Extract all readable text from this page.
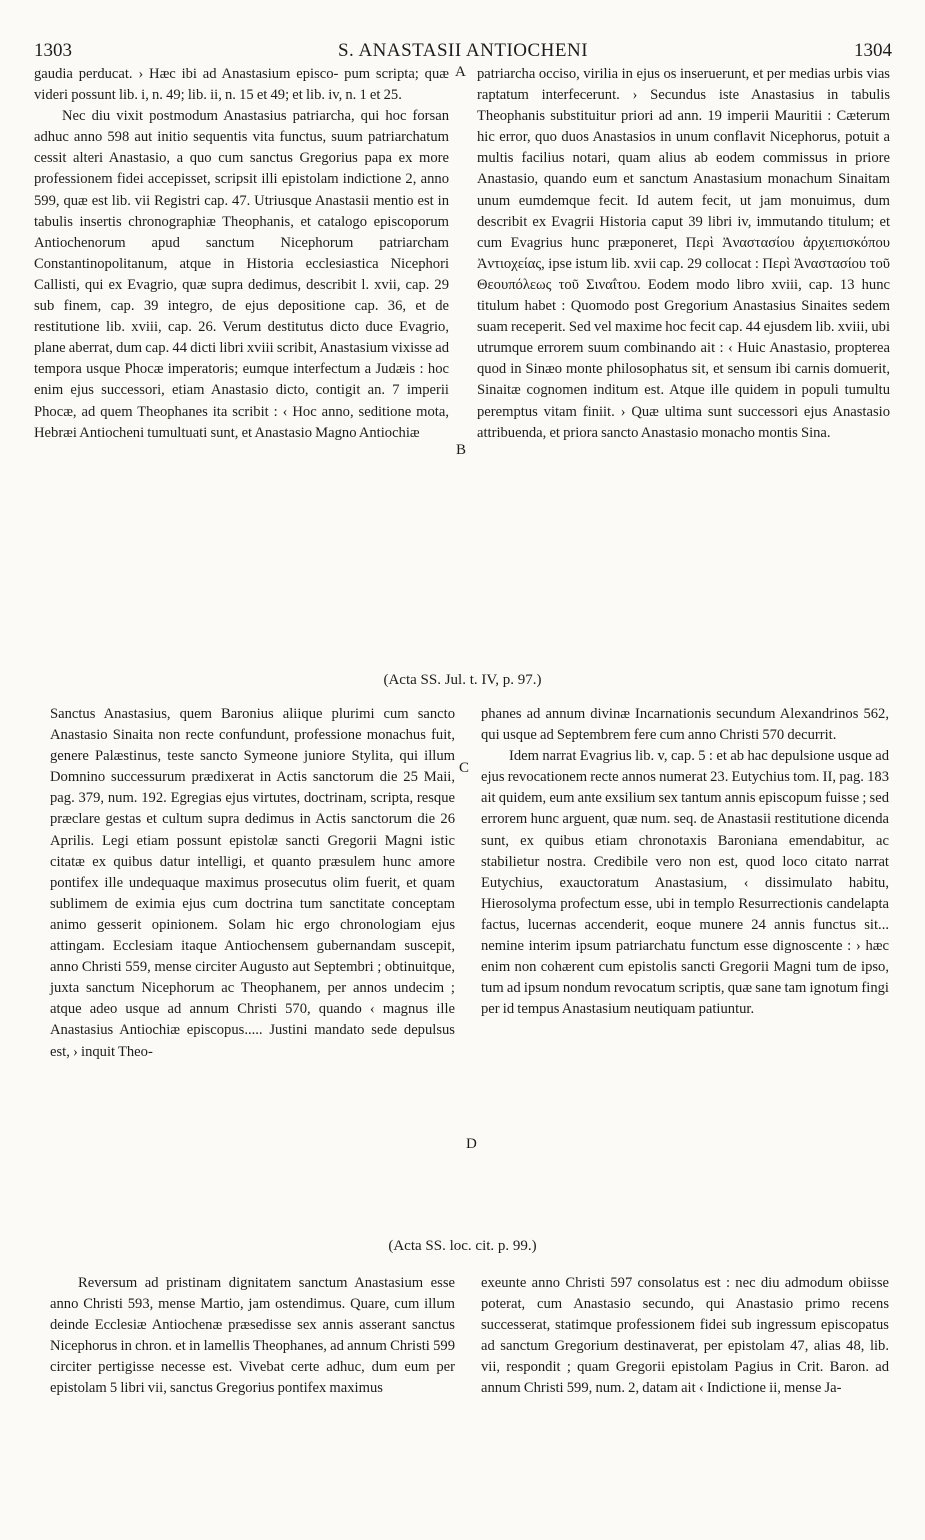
1303	S. ANASTASII ANTIOCHENI	1304

gaudia perducat. › Hæc ibi ad Anastasium episco- pum scripta; quæ videri possunt lib. i, n. 49; lib. ii, n. 15 et 49; et lib. iv, n. 1 et 25.

Nec diu vixit postmodum Anastasius patriarcha, qui hoc forsan adhuc anno 598 aut initio sequentis vita functus, suum patriarchatum cessit alteri Anastasio, a quo cum sanctus Gregorius papa ex more professionem fidei accepisset, scripsit illi epistolam indictione 2, anno 599, quæ est lib. vii Registri cap. 47. Utriusque Anastasii mentio est in tabulis insertis chronographiæ Theophanis, et catalogo episcoporum Antiochenorum apud sanctum Nicephorum patriarcham Constantinopolitanum, atque in Historia ecclesiastica Nicephori Callisti, qui ex Evagrio, quæ supra dedimus, describit l. xvii, cap. 29 sub finem, cap. 39 integro, de ejus depositione cap. 36, et de restitutione lib. xviii, cap. 26. Verum destitutus dicto duce Evagrio, plane aberrat, dum cap. 44 dicti libri xviii scribit, Anastasium vixisse ad tempora usque Phocæ imperatoris; eumque interfectum a Judæis : hoc enim ejus successori, etiam Anastasio dicto, contigit an. 7 imperii Phocæ, ad quem Theophanes ita scribit : ‹ Hoc anno, seditione mota, Hebræi Antiocheni tumultuati sunt, et Anastasio Magno Antiochiæ

patriarcha occiso, virilia in ejus os inseruerunt, et per medias urbis vias raptatum interfecerunt. › Secundus iste Anastasius in tabulis Theophanis substituitur priori ad ann. 19 imperii Mauritii : Cæterum hic error, quo duos Anastasios in unum conflavit Nicephorus, potuit a multis facilius notari, quam alius ab eodem commissus in priore Anastasio, quando eum et sanctum Anastasium monachum Sinaitam unum eumdemque fecit. Id autem fecit, ut jam monuimus, dum describit ex Evagrii Historia caput 39 libri iv, immutando titulum; et cum Evagrius hunc præponeret, Περὶ Ἀναστασίου ἀρχιεπισκόπου Ἀντιοχείας, ipse istum lib. xvii cap. 29 collocat : Περὶ Ἀναστασίου τοῦ Θεουπόλεως τοῦ Σιναΐτου. Eodem modo libro xviii, cap. 13 hunc titulum habet : Quomodo post Gregorium Anastasius Sinaites sedem suam receperit. Sed vel maxime hoc fecit cap. 44 ejusdem lib. xviii, ubi utrumque errorem suum combinando ait : ‹ Huic Anastasio, propterea quod in Sinæo monte philosophatus sit, et sensum ibi carnis domuerit, Sinaitæ cognomen inditum est. Atque ille quidem in populi tumultu peremptus vitam finiit. › Quæ ultima sunt successori ejus Anastasio attribuenda, et priora sancto Anastasio monacho montis Sina.

A
B
(Acta SS. Jul. t. IV, p. 97.)

Sanctus Anastasius, quem Baronius aliique plurimi cum sancto Anastasio Sinaita non recte confundunt, professione monachus fuit, genere Palæstinus, teste sancto Symeone juniore Stylita, qui illum Domnino successurum prædixerat in Actis sanctorum die 25 Maii, pag. 379, num. 192. Egregias ejus virtutes, doctrinam, scripta, resque præclare gestas et cultum supra dedimus in Actis sanctorum die 26 Aprilis. Legi etiam possunt epistolæ sancti Gregorii Magni istic citatæ ex quibus datur intelligi, et quanto præsulem hunc amore pontifex ille undequaque maximus prosecutus olim fuerit, et quam sublimem de eximia ejus cum doctrina tum sanctitate conceptam animo gesserit opinionem. Solam hic ergo chronologiam ejus attingam. Ecclesiam itaque Antiochensem gubernandam suscepit, anno Christi 559, mense circiter Augusto aut Septembri ; obtinuitque, juxta sanctum Nicephorum ac Theophanem, per annos undecim ; atque adeo usque ad annum Christi 570, quando ‹ magnus ille Anastasius Antiochiæ episcopus..... Justini mandato sede depulsus est, › inquit Theo-

phanes ad annum divinæ Incarnationis secundum Alexandrinos 562, qui usque ad Septembrem fere cum anno Christi 570 decurrit.

Idem narrat Evagrius lib. v, cap. 5 : et ab hac depulsione usque ad ejus revocationem recte annos numerat 23. Eutychius tom. II, pag. 183 ait quidem, eum ante exsilium sex tantum annis episcopum fuisse ; sed errorem hunc arguent, quæ num. seq. de Anastasii restitutione dicenda sunt, ex quibus etiam chronotaxis Baroniana emendabitur, ac stabilietur nostra. Credibile vero non est, quod loco citato narrat Eutychius, exauctoratum Anastasium, ‹ dissimulato habitu, Hierosolyma profectum esse, ubi in templo Resurrectionis candelapta factus, lucernas accenderit, eoque munere 24 annis functus sit... nemine interim ipsum patriarchatu functum esse dignoscente : › hæc enim non cohærent cum epistolis sancti Gregorii Magni tum de ipso, tum ad ipsum nondum revocatum scriptis, quæ sane tam ignotum fingi per id tempus Anastasium neutiquam patiuntur.

C
D
(Acta SS. loc. cit. p. 99.)

Reversum ad pristinam dignitatem sanctum Anastasium esse anno Christi 593, mense Martio, jam ostendimus. Quare, cum illum deinde Ecclesiæ Antiochenæ præsedisse sex annis asserant sanctus Nicephorus in chron. et in lamellis Theophanes, ad annum Christi 599 circiter pertigisse necesse est. Vivebat certe adhuc, dum eum per epistolam 5 libri vii, sanctus Gregorius pontifex maximus

exeunte anno Christi 597 consolatus est : nec diu admodum obiisse poterat, cum Anastasio secundo, qui Anastasio primo recens successerat, statimque professionem fidei sub ingressum episcopatus ad sanctum Gregorium destinaverat, per epistolam 47, alias 48, lib. vii, respondit ; quam Gregorii epistolam Pagius in Crit. Baron. ad annum Christi 599, num. 2, datam ait ‹ Indictione ii, mense Ja-
